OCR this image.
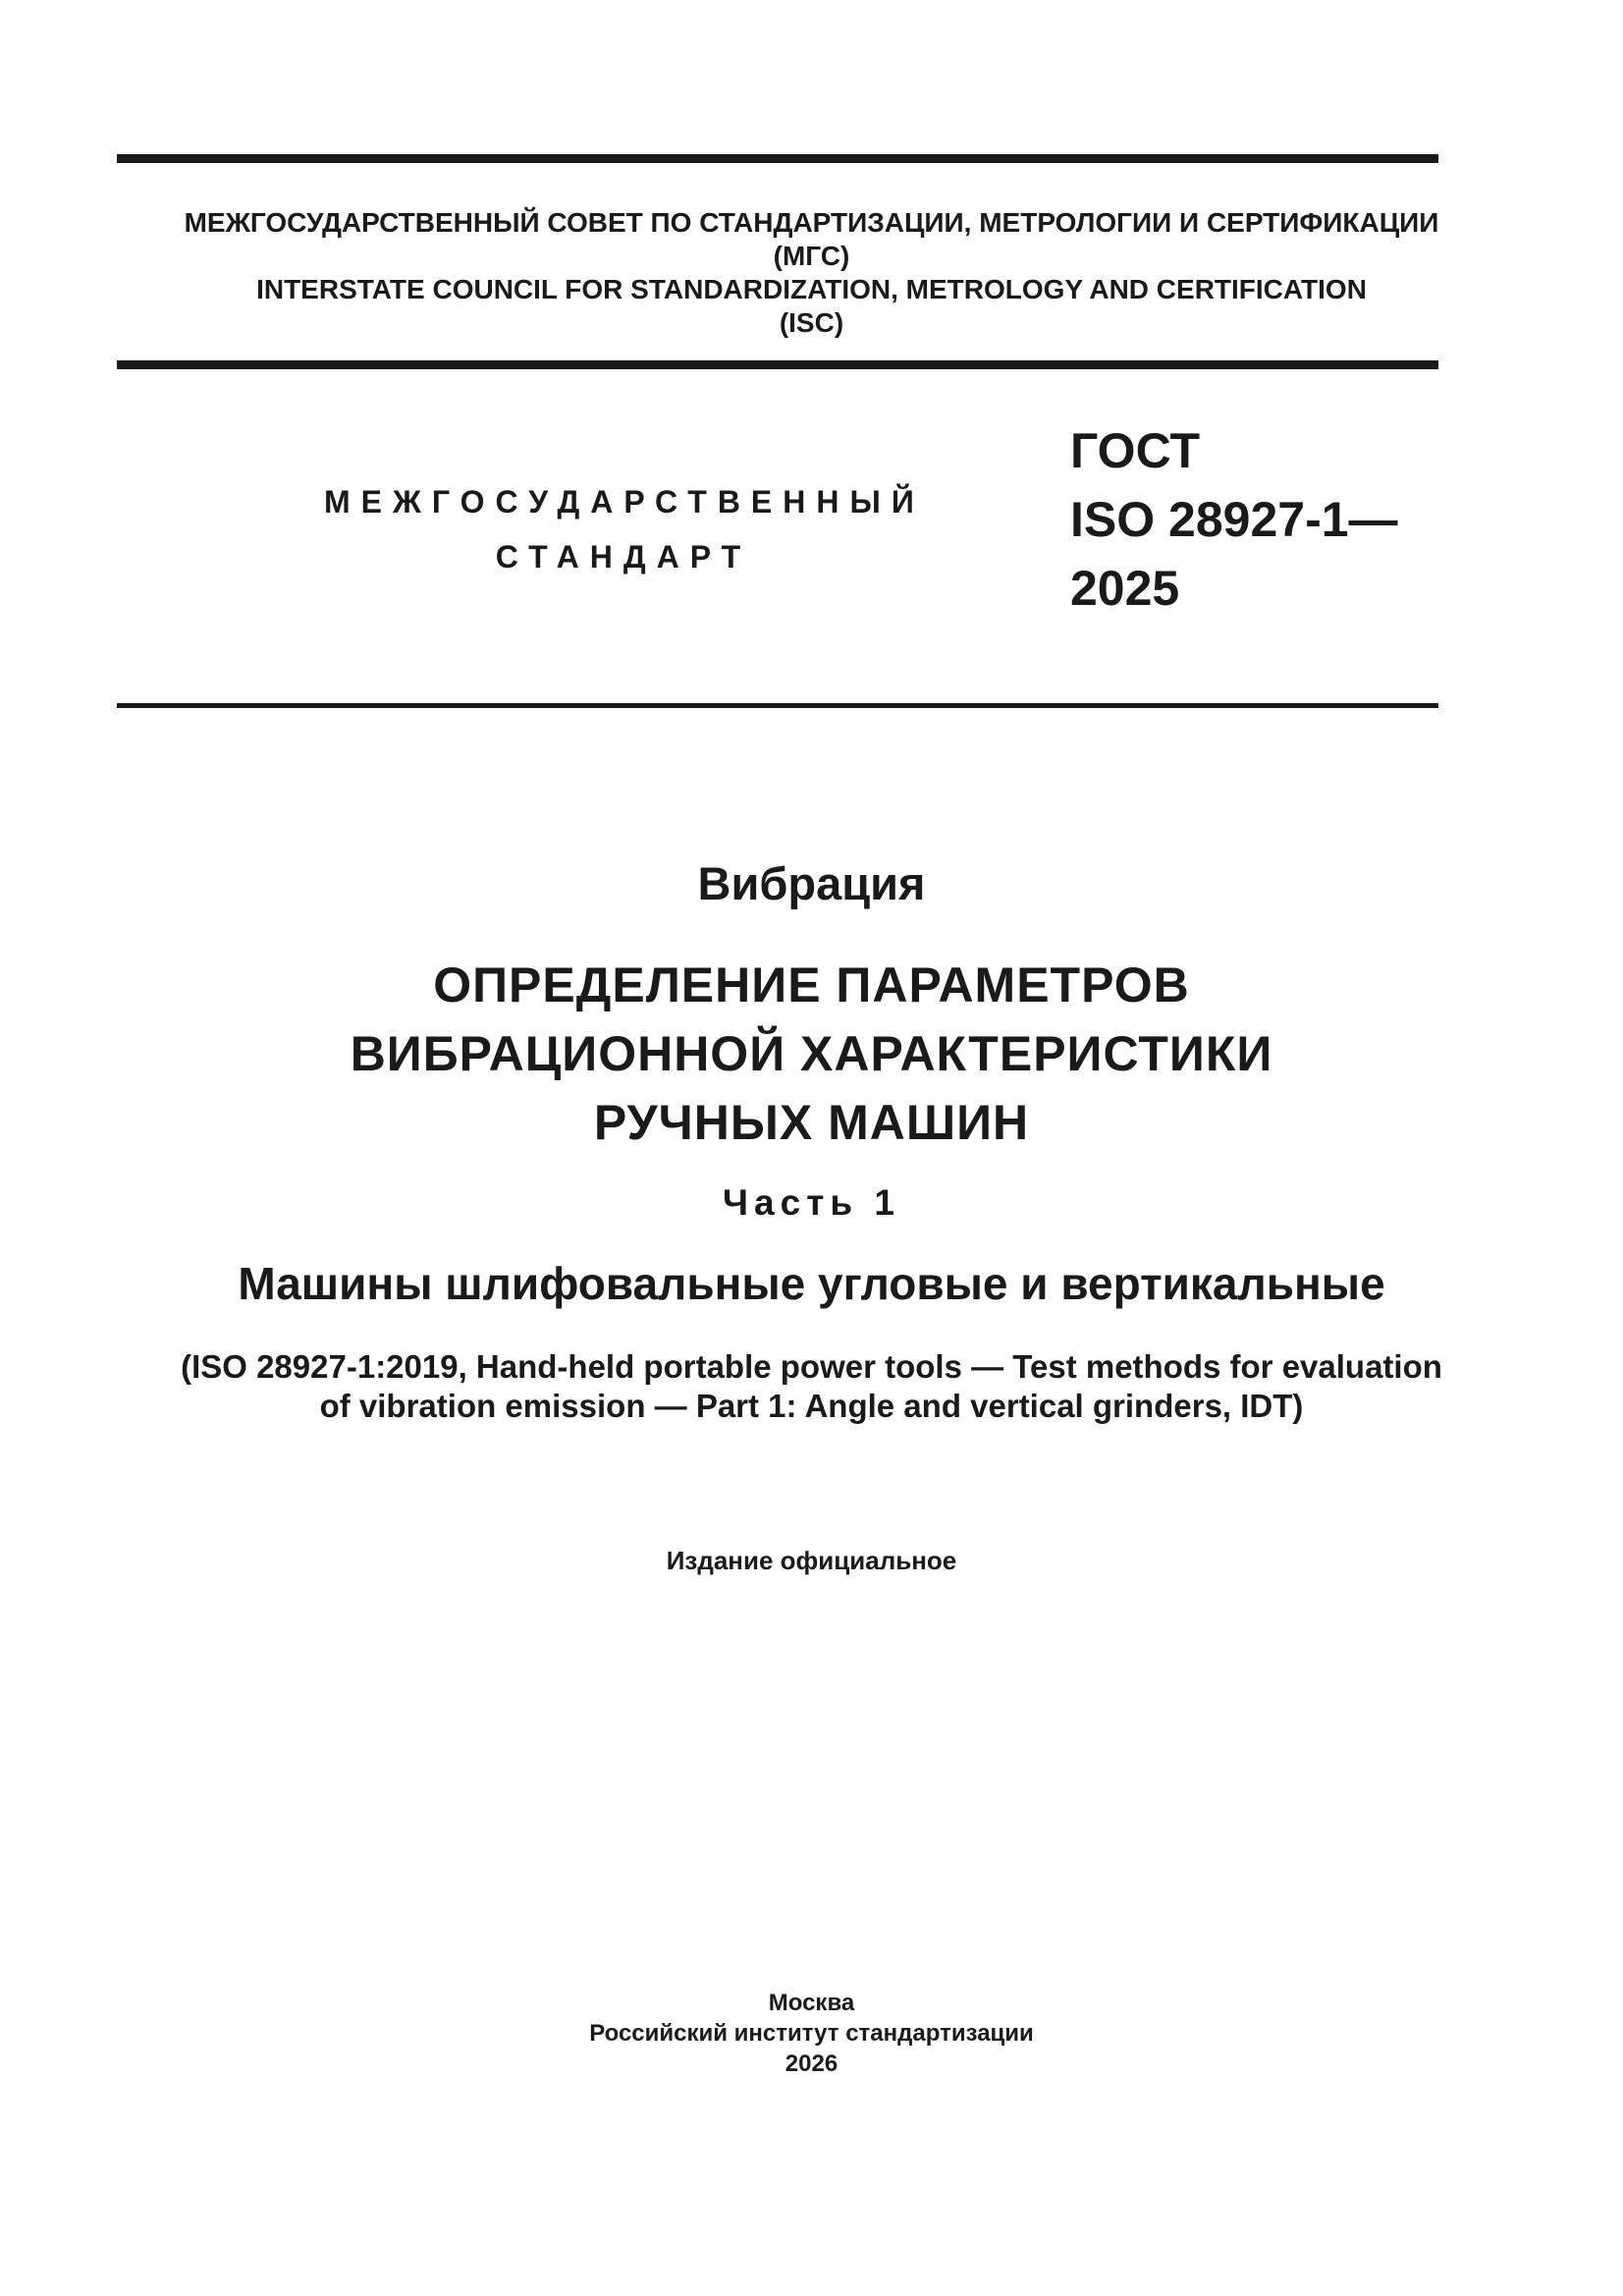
МЕЖГОСУДАРСТВЕННЫЙ СОВЕТ ПО СТАНДАРТИЗАЦИИ, МЕТРОЛОГИИ И СЕРТИФИКАЦИИ
(МГС)
INTERSTATE COUNCIL FOR STANDARDIZATION, METROLOGY AND CERTIFICATION
(ISC)
МЕЖГОСУДАРСТВЕННЫЙ
СТАНДАРТ
ГОСТ
ISO 28927-1—
2025
Вибрация
ОПРЕДЕЛЕНИЕ ПАРАМЕТРОВ
ВИБРАЦИОННОЙ ХАРАКТЕРИСТИКИ
РУЧНЫХ МАШИН
Часть 1
Машины шлифовальные угловые и вертикальные
(ISO 28927-1:2019, Hand-held portable power tools — Test methods for evaluation
of vibration emission — Part 1: Angle and vertical grinders, IDT)
Издание официальное
Москва
Российский институт стандартизации
2026
